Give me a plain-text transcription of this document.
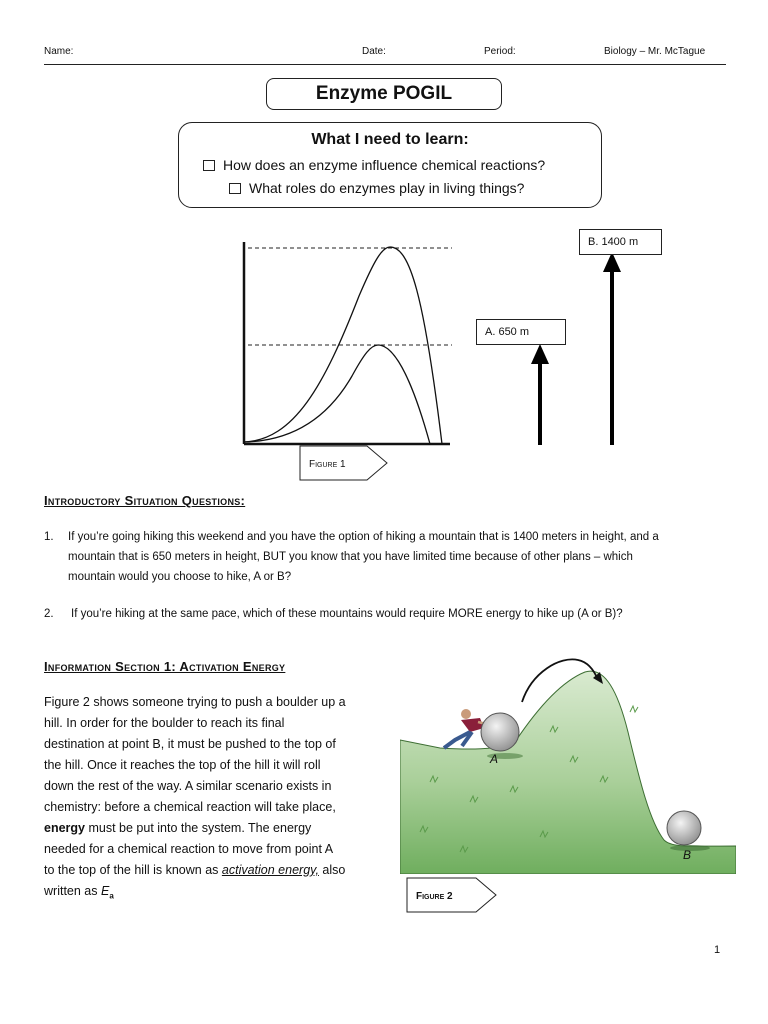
Name:	Date:	Period:	Biology – Mr. McTague
Enzyme POGIL
What I need to learn:
How does an enzyme influence chemical reactions?
What roles do enzymes play in living things?
Figure 1
A. 650 m
B. 1400 m
Introductory Situation Questions:
1. If you’re going hiking this weekend and you have the option of hiking a mountain that is 1400 meters in height, and a
mountain that is 650 meters in height, BUT you know that you have limited time because of other plans – which
mountain would you choose to hike, A or B?
2. If you’re hiking at the same pace, which of these mountains would require MORE energy to hike up (A or B)?
Information Section 1: Activation Energy
Figure 2 shows someone trying to push a boulder up a
hill. In order for the boulder to reach its final
destination at point B, it must be pushed to the top of
the hill. Once it reaches the top of the hill it will roll
down the rest of the way. A similar scenario exists in
chemistry: before a chemical reaction will take place,
energy must be put into the system. The energy
needed for a chemical reaction to move from point A
to the top of the hill is known as activation energy, also
written as $E_a$
A
B
Figure 2
1
